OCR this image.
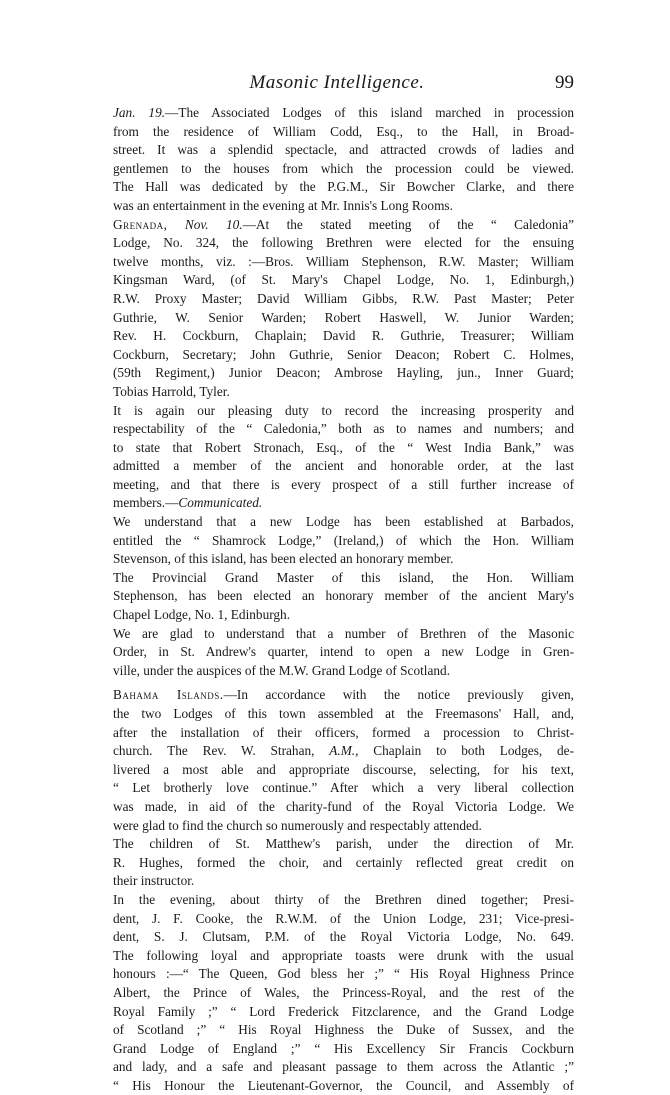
Masonic Intelligence.	99

Jan. 19.—The Associated Lodges of this island marched in procession
from the residence of William Codd, Esq., to the Hall, in Broad-
street. It was a splendid spectacle, and attracted crowds of ladies and
gentlemen to the houses from which the procession could be viewed.
The Hall was dedicated by the P.G.M., Sir Bowcher Clarke, and there
was an entertainment in the evening at Mr. Innis's Long Rooms.

Grenada, Nov. 10.—At the stated meeting of the “ Caledonia”
Lodge, No. 324, the following Brethren were elected for the ensuing
twelve months, viz. :—Bros. William Stephenson, R.W. Master; William
Kingsman Ward, (of St. Mary's Chapel Lodge, No. 1, Edinburgh,)
R.W. Proxy Master; David William Gibbs, R.W. Past Master; Peter
Guthrie, W. Senior Warden; Robert Haswell, W. Junior Warden;
Rev. H. Cockburn, Chaplain; David R. Guthrie, Treasurer; William
Cockburn, Secretary; John Guthrie, Senior Deacon; Robert C. Holmes,
(59th Regiment,) Junior Deacon; Ambrose Hayling, jun., Inner Guard;
Tobias Harrold, Tyler.

It is again our pleasing duty to record the increasing prosperity and
respectability of the “ Caledonia,” both as to names and numbers; and
to state that Robert Stronach, Esq., of the “ West India Bank,” was
admitted a member of the ancient and honorable order, at the last
meeting, and that there is every prospect of a still further increase of
members.—Communicated.

We understand that a new Lodge has been established at Barbados,
entitled the “ Shamrock Lodge,” (Ireland,) of which the Hon. William
Stevenson, of this island, has been elected an honorary member.

The Provincial Grand Master of this island, the Hon. William
Stephenson, has been elected an honorary member of the ancient Mary's
Chapel Lodge, No. 1, Edinburgh.

We are glad to understand that a number of Brethren of the Masonic
Order, in St. Andrew's quarter, intend to open a new Lodge in Gren-
ville, under the auspices of the M.W. Grand Lodge of Scotland.

Bahama Islands.—In accordance with the notice previously given,
the two Lodges of this town assembled at the Freemasons' Hall, and,
after the installation of their officers, formed a procession to Christ-
church. The Rev. W. Strahan, A.M., Chaplain to both Lodges, de-
livered a most able and appropriate discourse, selecting, for his text,
“ Let brotherly love continue.” After which a very liberal collection
was made, in aid of the charity-fund of the Royal Victoria Lodge. We
were glad to find the church so numerously and respectably attended.

The children of St. Matthew's parish, under the direction of Mr.
R. Hughes, formed the choir, and certainly reflected great credit on
their instructor.

In the evening, about thirty of the Brethren dined together; Presi-
dent, J. F. Cooke, the R.W.M. of the Union Lodge, 231; Vice-presi-
dent, S. J. Clutsam, P.M. of the Royal Victoria Lodge, No. 649.
The following loyal and appropriate toasts were drunk with the usual
honours :—“ The Queen, God bless her ;” “ His Royal Highness Prince
Albert, the Prince of Wales, the Princess-Royal, and the rest of the
Royal Family ;” “ Lord Frederick Fitzclarence, and the Grand Lodge
of Scotland ;” “ His Royal Highness the Duke of Sussex, and the
Grand Lodge of England ;” “ His Excellency Sir Francis Cockburn
and lady, and a safe and pleasant passage to them across the Atlantic ;”
“ His Honour the Lieutenant-Governor, the Council, and Assembly of
